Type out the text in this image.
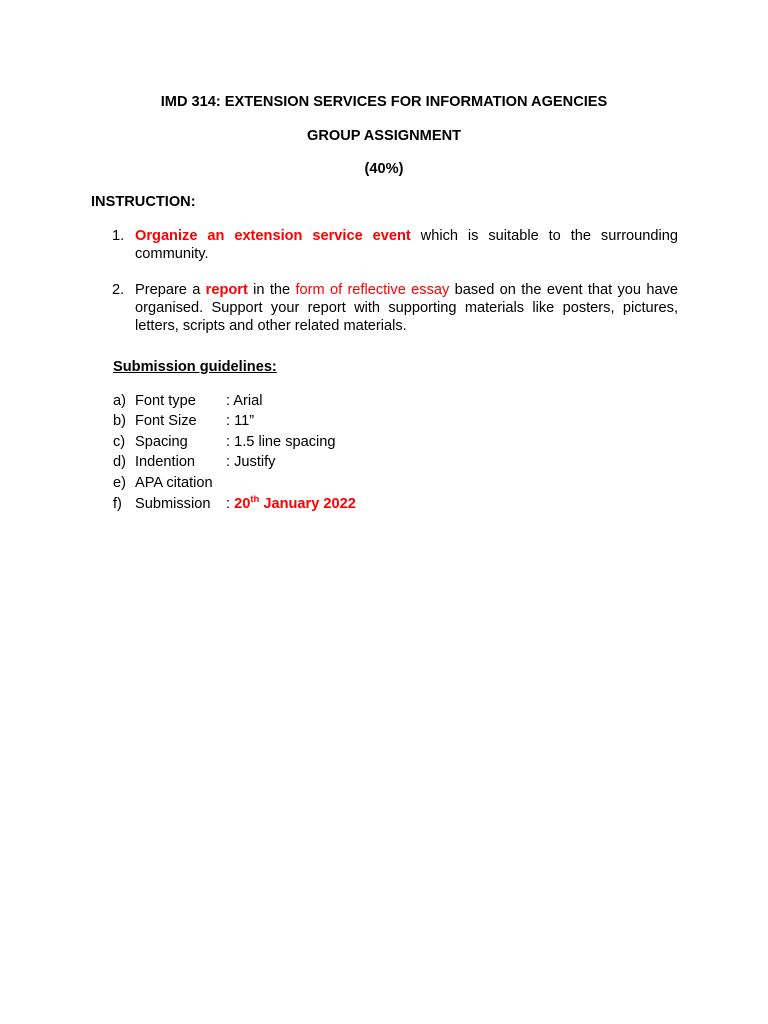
IMD 314: EXTENSION SERVICES FOR INFORMATION AGENCIES
GROUP ASSIGNMENT
(40%)
INSTRUCTION:
1. Organize an extension service event which is suitable to the surrounding community.
2. Prepare a report in the form of reflective essay based on the event that you have organised. Support your report with supporting materials like posters, pictures, letters, scripts and other related materials.
Submission guidelines:
a) Font type : Arial
b) Font Size : 11”
c) Spacing	: 1.5 line spacing
d) Indention : Justify
e) APA citation
f) Submission : 20th January 2022
